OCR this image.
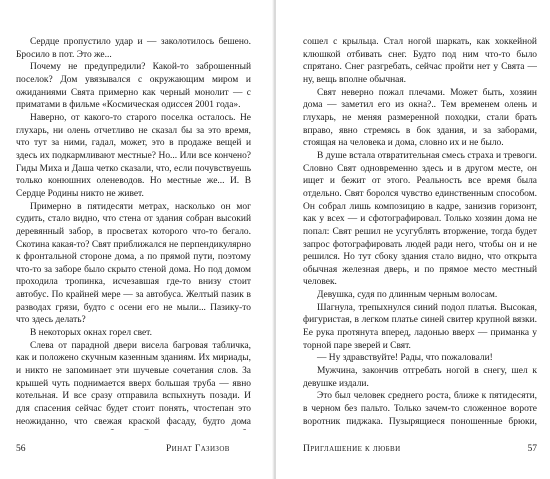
Сердце пропустило удар и — заколотилось бешено. Бросило в пот. Это же...

Почему не предупредили? Какой-то заброшенный поселок? Дом увязывался с окружающим миром и ожиданиями Свята примерно как черный монолит — с приматами в фильме «Космическая одиссея 2001 года».

Наверно, от какого-то старого поселка осталось. Не глухарь, ни олень отчетливо не сказал бы за это время, что тут за ними, гадал, может, это в продаже вещей и здесь их подкармливают местные? Но... Или все кончено? Гиды Миха и Даша четко сказали, что, если почувствуешь только конюшних оленеводов. Но местные же... И. В Сердце Родины никто не живет.

Примерно в пятидесяти метрах, насколько он мог судить, стало видно, что стена от здания собран высокий деревянный забор, в просветах которого что-то бегало. Скотина какая-то? Свят приближался не перпендикулярно к фронтальной стороне дома, а по прямой пути, поэтому что-то за заборе было скрыто стеной дома. Но под домом проходила тропинка, исчезавшая где-то внизу стоит автобус. По крайней мере — за автобуса. Желтый пазик в разводах грязи, будто с осени его не мыли... Пазику-то что здесь делать?

В некоторых окнах горел свет.

Слева от парадной двери висела багровая табличка, как и положено скучным казенным зданиям. Их мириады, и никто не запоминает эти шучевые сочетания слов. За крышей чуть поднимается вверх большая труба — явно котельная. И все сразу отправила вспыхнуть позади. И для спасения сейчас будет стоит понять, чтостепан это неожиданно, что свежая краской фасаду, будто дома

56	Ринат Газизов

сошел с крыльца. Стал ногой шаркать, как хоккейной клюшкой отбивать снег. Будто под ним что-то было спрятано. Снег разгребать, сейчас пройти нет у Свята — ну, вещь вполне обычная.

Свят неверно пожал плечами. Может быть, хозяин дома — заметил его из окна?.. Тем временем олень и глухарь, не меняя размеренной походки, стали брать вправо, явно стремясь в бок здания, и за заборами, стоящая на человека и дома, словно их и не было.

В душе встала отвратительная смесь страха и тревоги. Словно Свят одновременно здесь и в другом месте, он ищет и бежит от этого. Реальность все время была отдельно. Свят боролся чувство единственным способом. Он собрал лишь композицию в кадре, занизив горизонт, как у всех — и сфотографировал. Только хозяин дома не попал: Свят решил не усугублять вторжение, тогда будет запрос фотографировать людей ради него, чтобы он и не решился. Но тут сбоку здания стало видно, что открыта обычная железная дверь, и по прямое место местный человек.

Девушка, судя по длинным черным волосам.

Шагнула, трепыхнулся синий подол платья. Высокая, фигуристая, в легком платье синей свитер крупной вязки. Ее рука протянута вперед, ладонью вверх — приманка у торной паре зверей и Свят.

— Ну здравствуйте! Рады, что пожаловали!

Мужчина, закончив отгребать ногой в снегу, шел к девушке издали.

Это был человек среднего роста, ближе к пятидесяти, в черном без пальто. Только зачем-то сложенное вороте воротник пиджака. Пузырящиеся поношенные брюки,

Приглашение к любви	57
